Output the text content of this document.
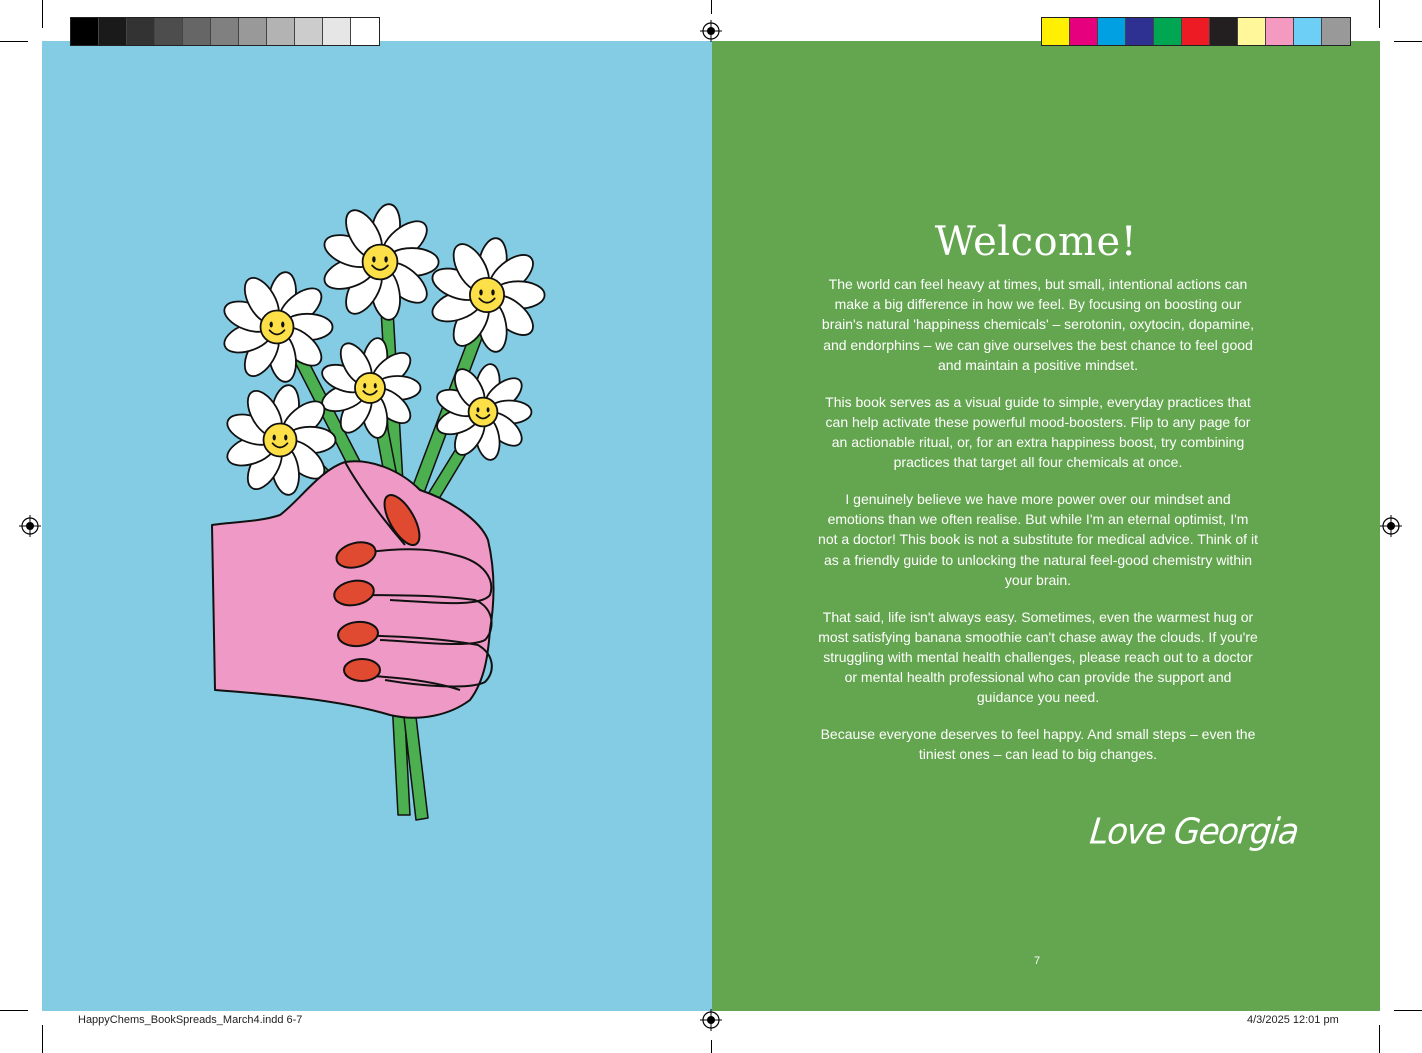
Welcome!

The world can feel heavy at times, but small, intentional actions can make a big difference in how we feel. By focusing on boosting our brain's natural 'happiness chemicals' – serotonin, oxytocin, dopamine, and endorphins – we can give ourselves the best chance to feel good and maintain a positive mindset.

This book serves as a visual guide to simple, everyday practices that can help activate these powerful mood-boosters. Flip to any page for an actionable ritual, or, for an extra happiness boost, try combining practices that target all four chemicals at once.

I genuinely believe we have more power over our mindset and emotions than we often realise. But while I'm an eternal optimist, I'm not a doctor! This book is not a substitute for medical advice. Think of it as a friendly guide to unlocking the natural feel-good chemistry within your brain.

That said, life isn't always easy. Sometimes, even the warmest hug or most satisfying banana smoothie can't chase away the clouds. If you're struggling with mental health challenges, please reach out to a doctor or mental health professional who can provide the support and guidance you need.

Because everyone deserves to feel happy. And small steps – even the tiniest ones – can lead to big changes.

Love Georgia
7
HappyChems_BookSpreads_March4.indd 6-7	4/3/2025 12:01 pm
